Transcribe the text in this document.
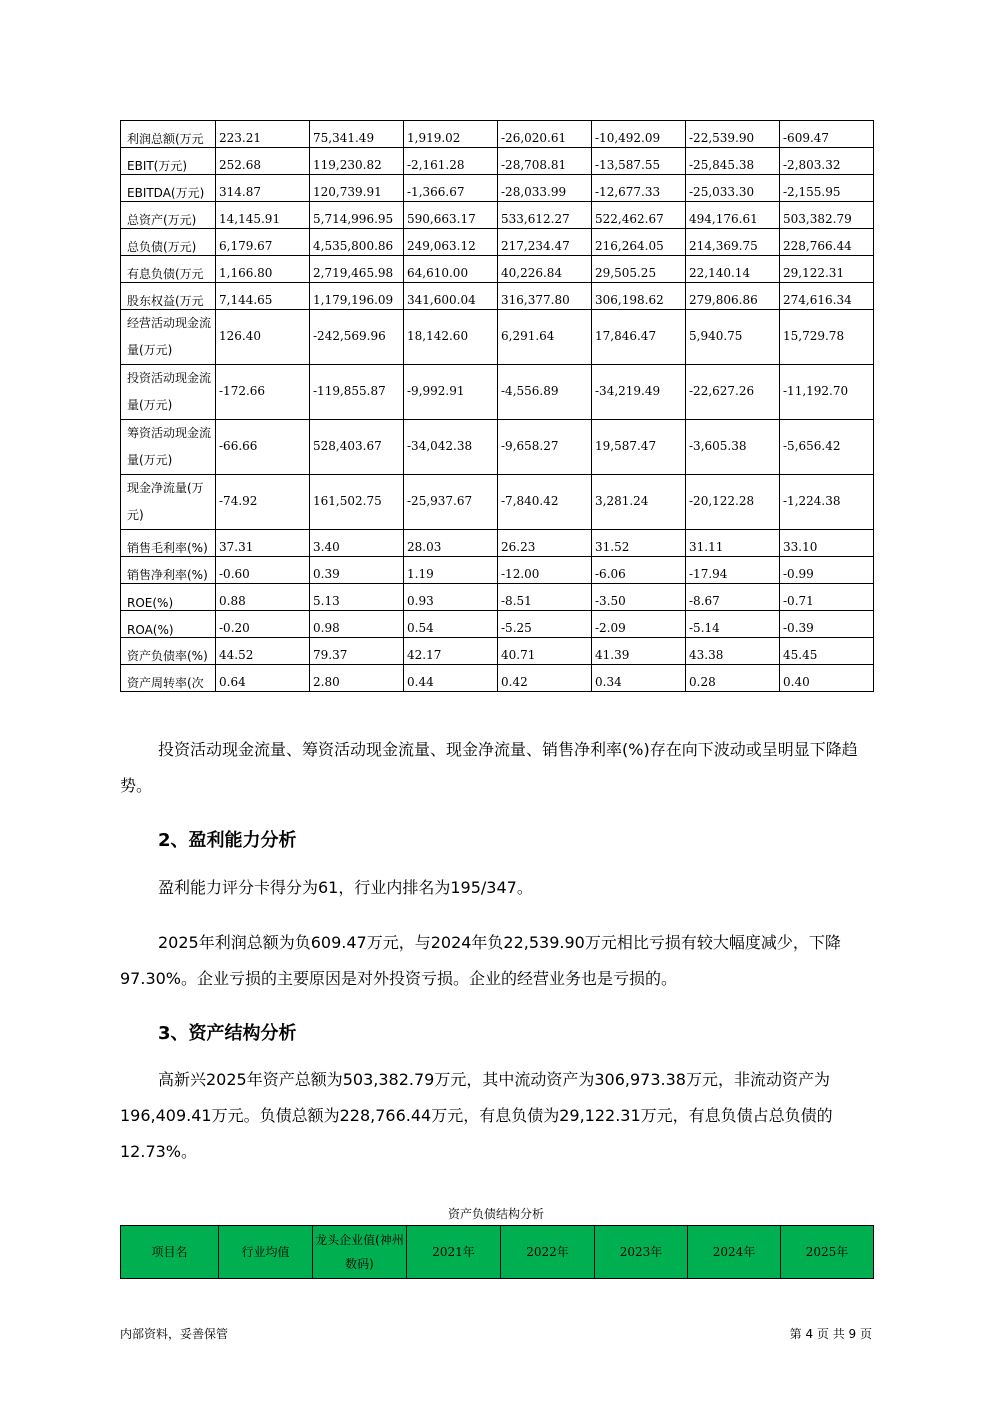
利润总额(万元	223.21	75,341.49	1,919.02	-26,020.61	-10,492.09	-22,539.90	-609.47
EBIT(万元)	252.68	119,230.82	-2,161.28	-28,708.81	-13,587.55	-25,845.38	-2,803.32
EBITDA(万元)	314.87	120,739.91	-1,366.67	-28,033.99	-12,677.33	-25,033.30	-2,155.95
总资产(万元)	14,145.91	5,714,996.95	590,663.17	533,612.27	522,462.67	494,176.61	503,382.79
总负债(万元)	6,179.67	4,535,800.86	249,063.12	217,234.47	216,264.05	214,369.75	228,766.44
有息负债(万元	1,166.80	2,719,465.98	64,610.00	40,226.84	29,505.25	22,140.14	29,122.31
股东权益(万元	7,144.65	1,179,196.09	341,600.04	316,377.80	306,198.62	279,806.86	274,616.34
经营活动现金流量(万元)	126.40	-242,569.96	18,142.60	6,291.64	17,846.47	5,940.75	15,729.78
投资活动现金流量(万元)	-172.66	-119,855.87	-9,992.91	-4,556.89	-34,219.49	-22,627.26	-11,192.70
筹资活动现金流量(万元)	-66.66	528,403.67	-34,042.38	-9,658.27	19,587.47	-3,605.38	-5,656.42
现金净流量(万元)	-74.92	161,502.75	-25,937.67	-7,840.42	3,281.24	-20,122.28	-1,224.38
销售毛利率(%)	37.31	3.40	28.03	26.23	31.52	31.11	33.10
销售净利率(%)	-0.60	0.39	1.19	-12.00	-6.06	-17.94	-0.99
ROE(%)	0.88	5.13	0.93	-8.51	-3.50	-8.67	-0.71
ROA(%)	-0.20	0.98	0.54	-5.25	-2.09	-5.14	-0.39
资产负债率(%)	44.52	79.37	42.17	40.71	41.39	43.38	45.45
资产周转率(次	0.64	2.80	0.44	0.42	0.34	0.28	0.40

投资活动现金流量、筹资活动现金流量、现金净流量、销售净利率(%)存在向下波动或呈明显下降趋势。

2、盈利能力分析

盈利能力评分卡得分为61，行业内排名为195/347。

2025年利润总额为负609.47万元，与2024年负22,539.90万元相比亏损有较大幅度减少，下降97.30%。企业亏损的主要原因是对外投资亏损。企业的经营业务也是亏损的。

3、资产结构分析

高新兴2025年资产总额为503,382.79万元，其中流动资产为306,973.38万元，非流动资产为196,409.41万元。负债总额为228,766.44万元，有息负债为29,122.31万元，有息负债占总负债的12.73%。

资产负债结构分析
项目名	行业均值	龙头企业值(神州数码)	2021年	2022年	2023年	2024年	2025年
内部资料，妥善保管	第 4 页 共 9 页
